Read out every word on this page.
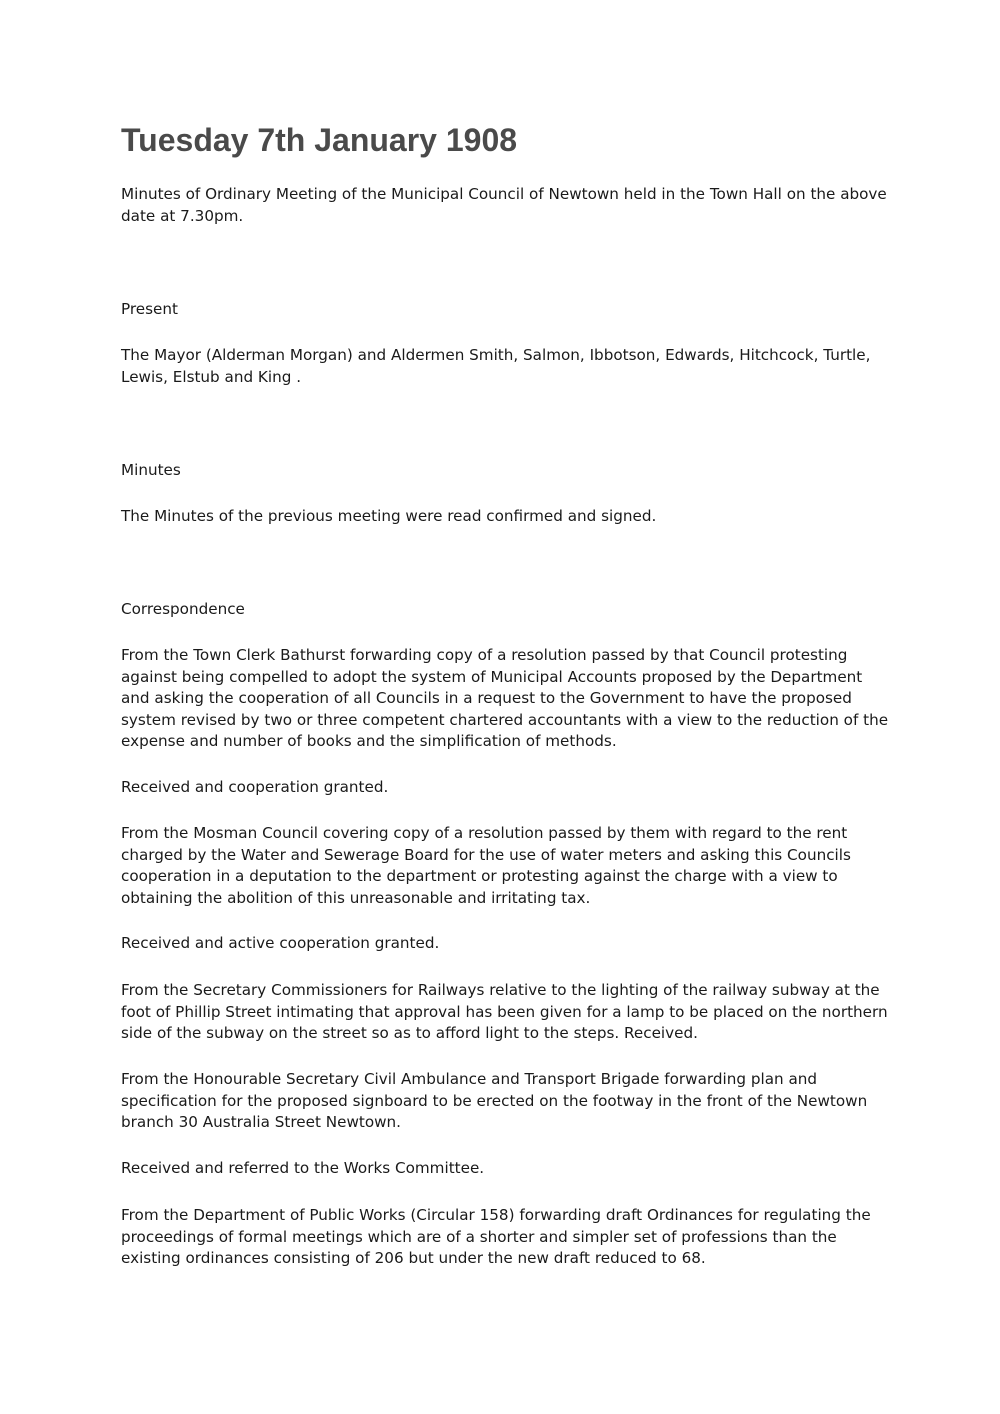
Tuesday 7th January 1908

Minutes of Ordinary Meeting of the Municipal Council of Newtown held in the Town Hall on the above date at 7.30pm.

Present

The Mayor (Alderman Morgan) and Aldermen Smith, Salmon, Ibbotson, Edwards, Hitchcock, Turtle, Lewis, Elstub and King .

Minutes

The Minutes of the previous meeting were read confirmed and signed.

Correspondence

From the Town Clerk Bathurst forwarding copy of a resolution passed by that Council protesting against being compelled to adopt the system of Municipal Accounts proposed by the Department and asking the cooperation of all Councils in a request to the Government to have the proposed system revised by two or three competent chartered accountants with a view to the reduction of the expense and number of books and the simplification of methods.

Received and cooperation granted.

From the Mosman Council covering copy of a resolution passed by them with regard to the rent charged by the Water and Sewerage Board for the use of water meters and asking this Councils cooperation in a deputation to the department or protesting against the charge with a view to obtaining the abolition of this unreasonable and irritating tax.

Received and active cooperation granted.

From the Secretary Commissioners for Railways relative to the lighting of the railway subway at the foot of Phillip Street intimating that approval has been given for a lamp to be placed on the northern side of the subway on the street so as to afford light to the steps. Received.

From the Honourable Secretary Civil Ambulance and Transport Brigade forwarding plan and specification for the proposed signboard to be erected on the footway in the front of the Newtown branch 30 Australia Street Newtown.

Received and referred to the Works Committee.

From the Department of Public Works (Circular 158) forwarding draft Ordinances for regulating the proceedings of formal meetings which are of a shorter and simpler set of professions than the existing ordinances consisting of 206 but under the new draft reduced to 68.
